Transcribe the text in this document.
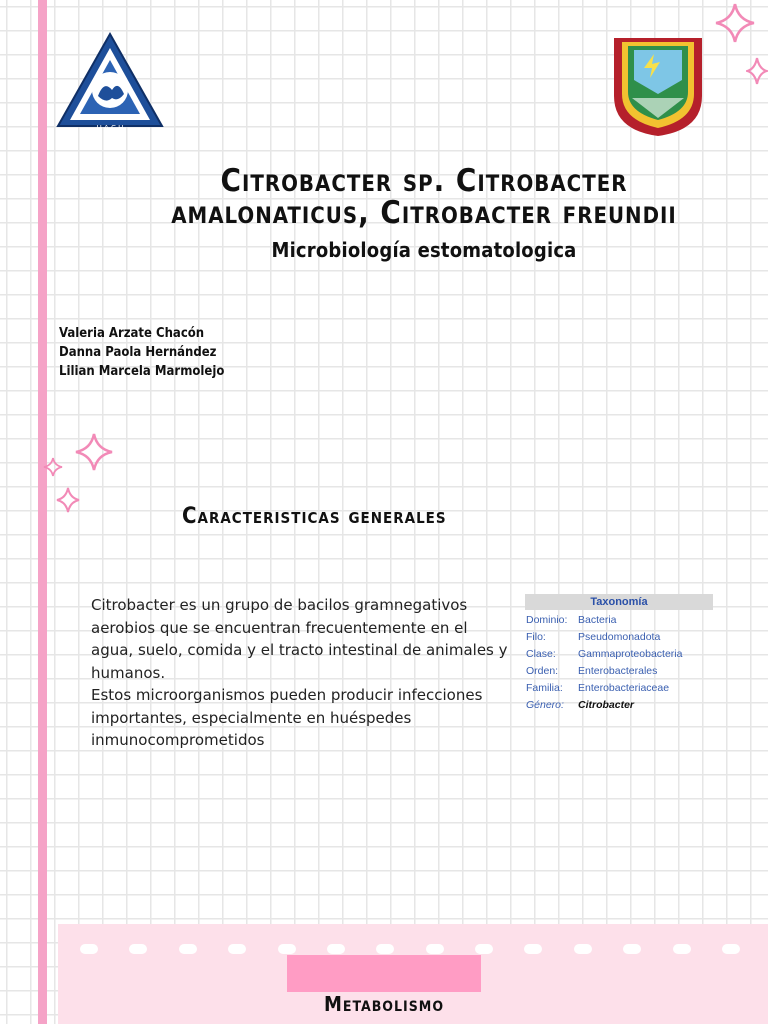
U A C H
Citrobacter sp. Citrobacter
amalonaticus, Citrobacter freundii
Microbiología estomatologica
Valeria Arzate Chacón
Danna Paola Hernández
Lilian Marcela Marmolejo
Caracteristicas generales

Citrobacter es un grupo de bacilos gramnegativos aerobios que se encuentran frecuentemente en el agua, suelo, comida y el tracto intestinal de animales y humanos.

Estos microorganismos pueden producir infecciones importantes, especialmente en huéspedes inmunocomprometidos

Taxonomía
Dominio:	Bacteria
Filo:	Pseudomonadota
Clase:	Gammaproteobacteria
Orden:	Enterobacterales
Familia:	Enterobacteriaceae
Género:	Citrobacter
Metabolismo
